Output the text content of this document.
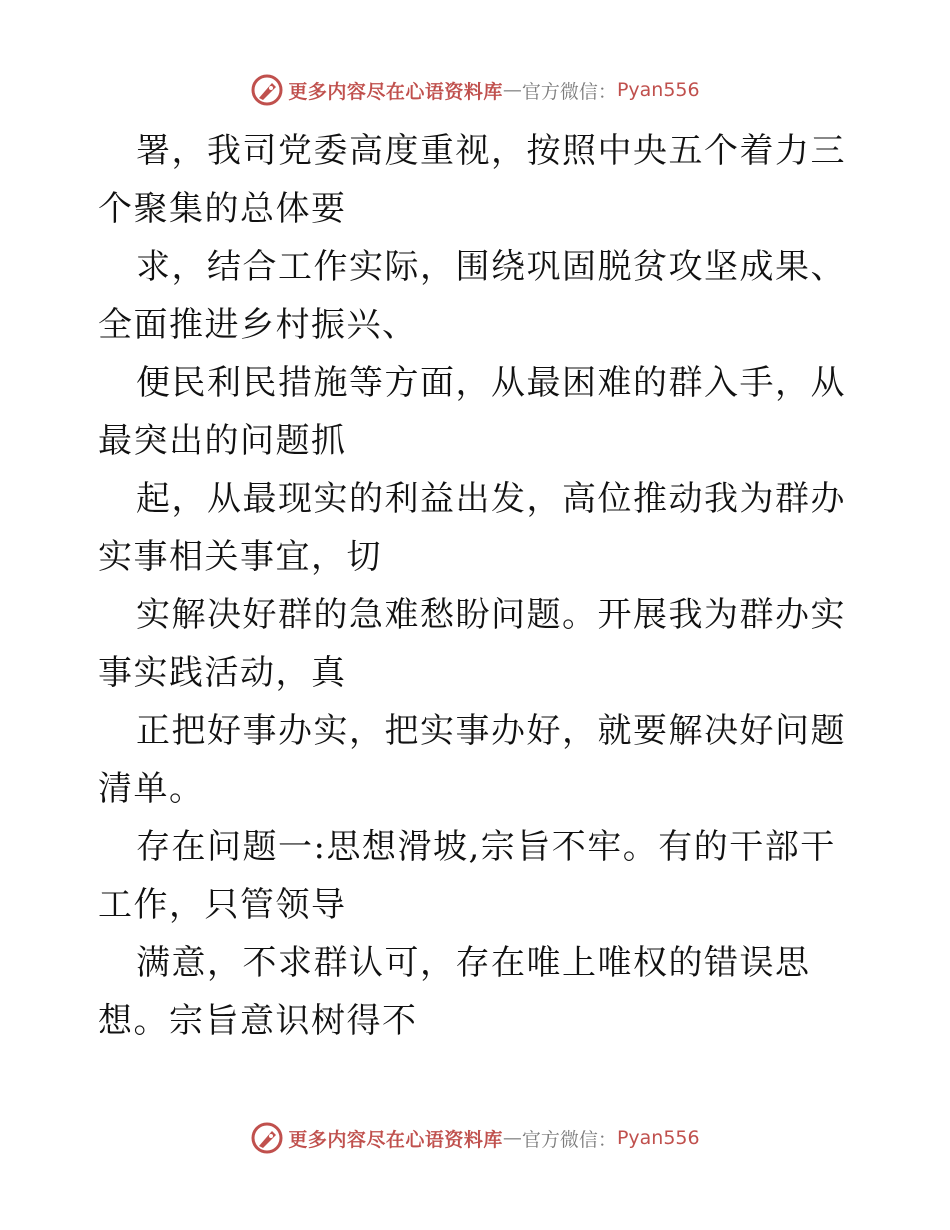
更多内容尽在心语资料库 — 官方微信： Pyan556

署，我司党委高度重视，按照中央五个着力三个聚集的总体要

求，结合工作实际，围绕巩固脱贫攻坚成果、全面推进乡村振兴、

便民利民措施等方面，从最困难的群入手，从最突出的问题抓

起，从最现实的利益出发，高位推动我为群办实事相关事宜，切

实解决好群的急难愁盼问题。开展我为群办实事实践活动，真

正把好事办实，把实事办好，就要解决好问题清单。

存在问题一:思想滑坡,宗旨不牢。有的干部干工作，只管领导

满意，不求群认可，存在唯上唯权的错误思想。宗旨意识树得不

更多内容尽在心语资料库 — 官方微信： Pyan556
